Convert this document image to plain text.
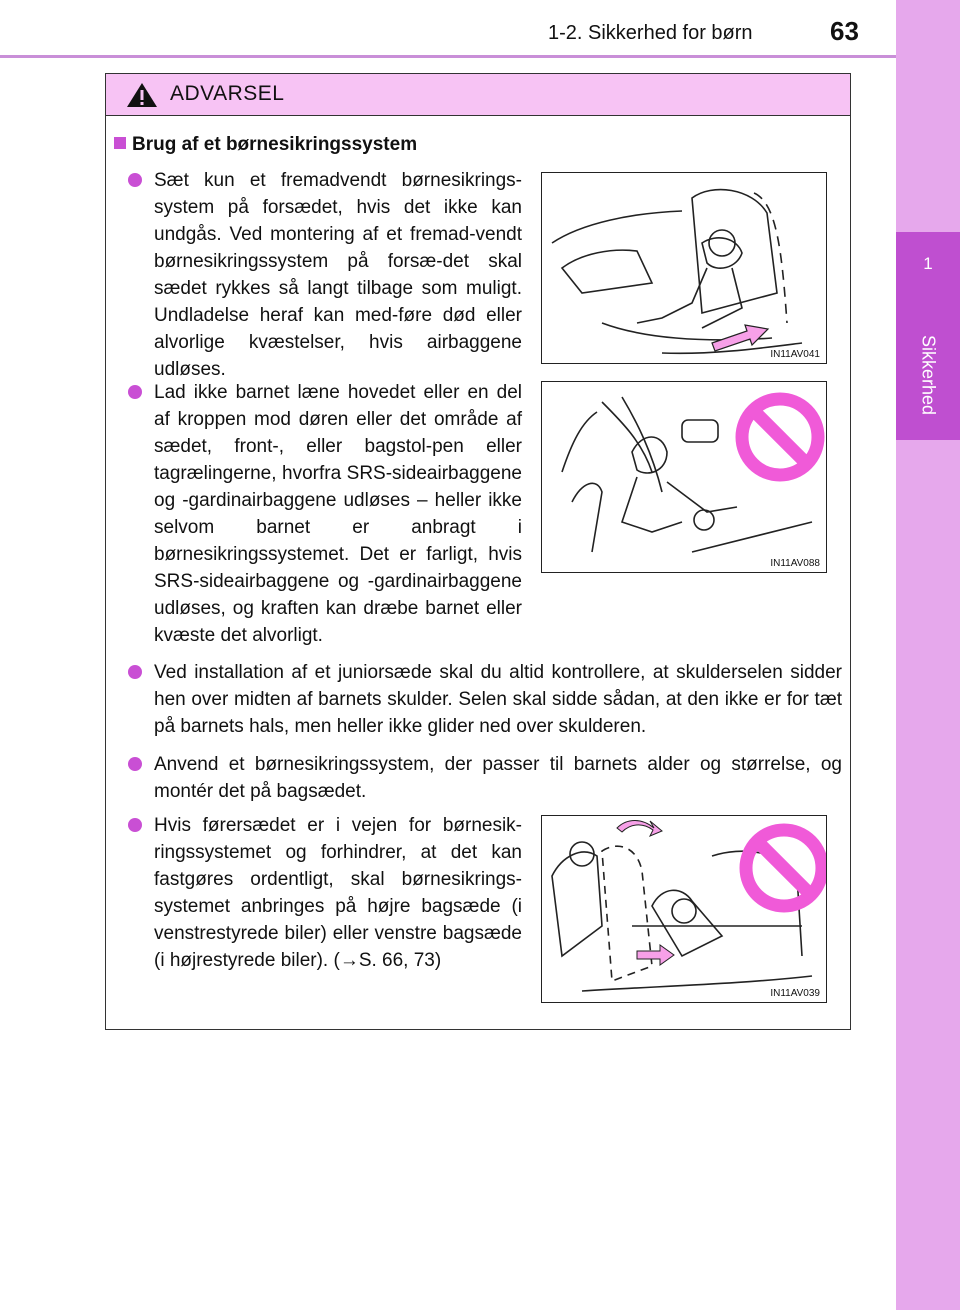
1-2. Sikkerhed for børn	63
1
Sikkerhed
ADVARSEL
Brug af et børnesikringssystem

Sæt kun et fremadvendt børnesikrings-system på forsædet, hvis det ikke kan undgås. Ved montering af et fremad-vendt børnesikringssystem på forsæ-det skal sædet rykkes så langt tilbage som muligt. Undladelse heraf kan med-føre død eller alvorlige kvæstelser, hvis airbaggene udløses.

Lad ikke barnet læne hovedet eller en del af kroppen mod døren eller det område af sædet, front-, eller bagstol-pen eller tagrælingerne, hvorfra SRS-sideairbaggene og -gardinairbaggene udløses – heller ikke selvom barnet er anbragt i børnesikringssystemet. Det er farligt, hvis SRS-sideairbaggene og -gardinairbaggene udløses, og kraften kan dræbe barnet eller kvæste det alvorligt.

Ved installation af et juniorsæde skal du altid kontrollere, at skulderselen sidder hen over midten af barnets skulder. Selen skal sidde sådan, at den ikke er for tæt på barnets hals, men heller ikke glider ned over skulderen.

Anvend et børnesikringssystem, der passer til barnets alder og størrelse, og montér det på bagsædet.

Hvis førersædet er i vejen for børnesik-ringssystemet og forhindrer, at det kan fastgøres ordentligt, skal børnesikrings-systemet anbringes på højre bagsæde (i venstrestyrede biler) eller venstre bagsæde (i højrestyrede biler). (→S. 66, 73)

IN11AV041
IN11AV088
IN11AV039
